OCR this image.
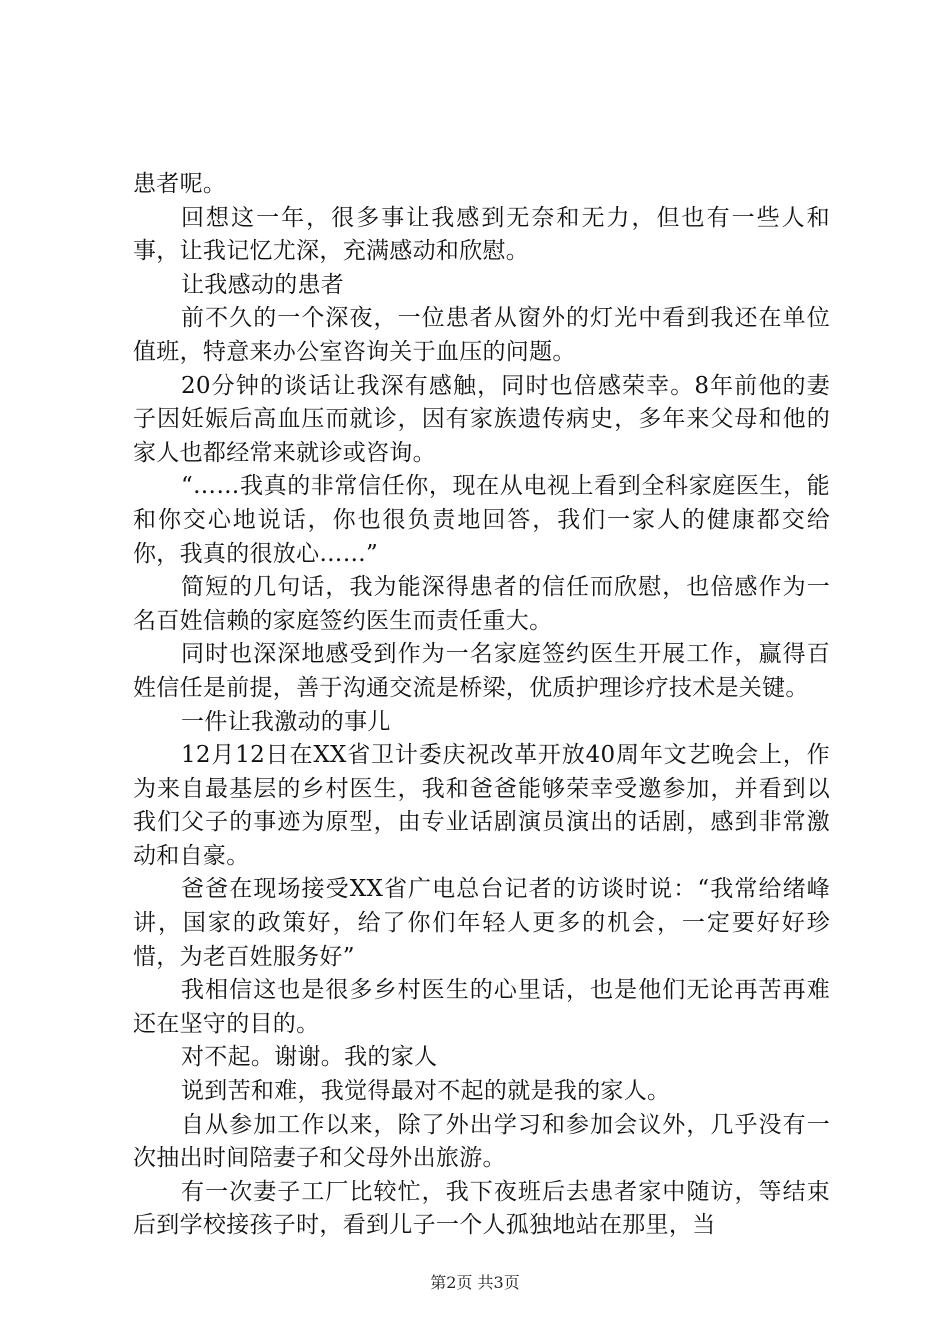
患者呢。

回想这一年，很多事让我感到无奈和无力，但也有一些人和事，让我记忆尤深，充满感动和欣慰。

让我感动的患者

前不久的一个深夜，一位患者从窗外的灯光中看到我还在单位值班，特意来办公室咨询关于血压的问题。

20分钟的谈话让我深有感触，同时也倍感荣幸。8年前他的妻子因妊娠后高血压而就诊，因有家族遗传病史，多年来父母和他的家人也都经常来就诊或咨询。

“……我真的非常信任你，现在从电视上看到全科家庭医生，能和你交心地说话，你也很负责地回答，我们一家人的健康都交给你，我真的很放心……”

简短的几句话，我为能深得患者的信任而欣慰，也倍感作为一名百姓信赖的家庭签约医生而责任重大。

同时也深深地感受到作为一名家庭签约医生开展工作，赢得百姓信任是前提，善于沟通交流是桥梁，优质护理诊疗技术是关键。

一件让我激动的事儿

12月12日在XX省卫计委庆祝改革开放40周年文艺晚会上，作为来自最基层的乡村医生，我和爸爸能够荣幸受邀参加，并看到以我们父子的事迹为原型，由专业话剧演员演出的话剧，感到非常激动和自豪。

爸爸在现场接受XX省广电总台记者的访谈时说：“我常给绪峰讲，国家的政策好，给了你们年轻人更多的机会，一定要好好珍惜，为老百姓服务好”

我相信这也是很多乡村医生的心里话，也是他们无论再苦再难还在坚守的目的。

对不起。谢谢。我的家人

说到苦和难，我觉得最对不起的就是我的家人。

自从参加工作以来，除了外出学习和参加会议外，几乎没有一次抽出时间陪妻子和父母外出旅游。

有一次妻子工厂比较忙，我下夜班后去患者家中随访，等结束后到学校接孩子时，看到儿子一个人孤独地站在那里，当

第2页 共3页
